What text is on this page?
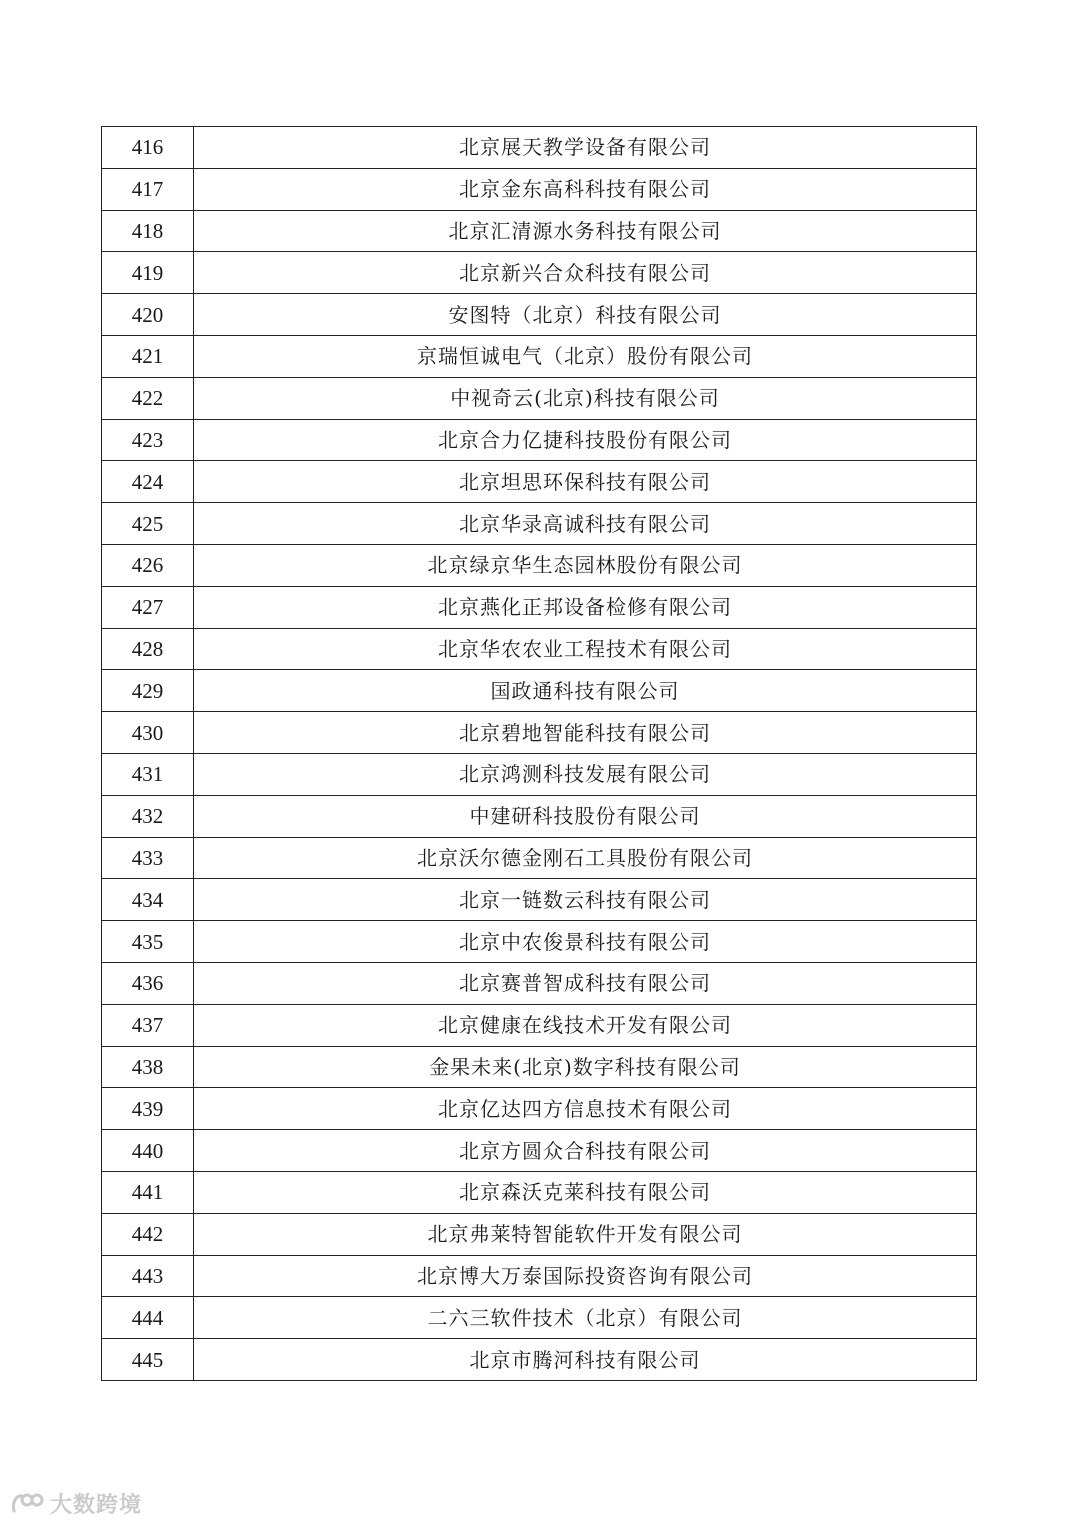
416	北京展天教学设备有限公司
417	北京金东高科科技有限公司
418	北京汇清源水务科技有限公司
419	北京新兴合众科技有限公司
420	安图特（北京）科技有限公司
421	京瑞恒诚电气（北京）股份有限公司
422	中视奇云(北京)科技有限公司
423	北京合力亿捷科技股份有限公司
424	北京坦思环保科技有限公司
425	北京华录高诚科技有限公司
426	北京绿京华生态园林股份有限公司
427	北京燕化正邦设备检修有限公司
428	北京华农农业工程技术有限公司
429	国政通科技有限公司
430	北京碧地智能科技有限公司
431	北京鸿测科技发展有限公司
432	中建研科技股份有限公司
433	北京沃尔德金刚石工具股份有限公司
434	北京一链数云科技有限公司
435	北京中农俊景科技有限公司
436	北京赛普智成科技有限公司
437	北京健康在线技术开发有限公司
438	金果未来(北京)数字科技有限公司
439	北京亿达四方信息技术有限公司
440	北京方圆众合科技有限公司
441	北京森沃克莱科技有限公司
442	北京弗莱特智能软件开发有限公司
443	北京博大万泰国际投资咨询有限公司
444	二六三软件技术（北京）有限公司
445	北京市腾河科技有限公司
大数跨境
